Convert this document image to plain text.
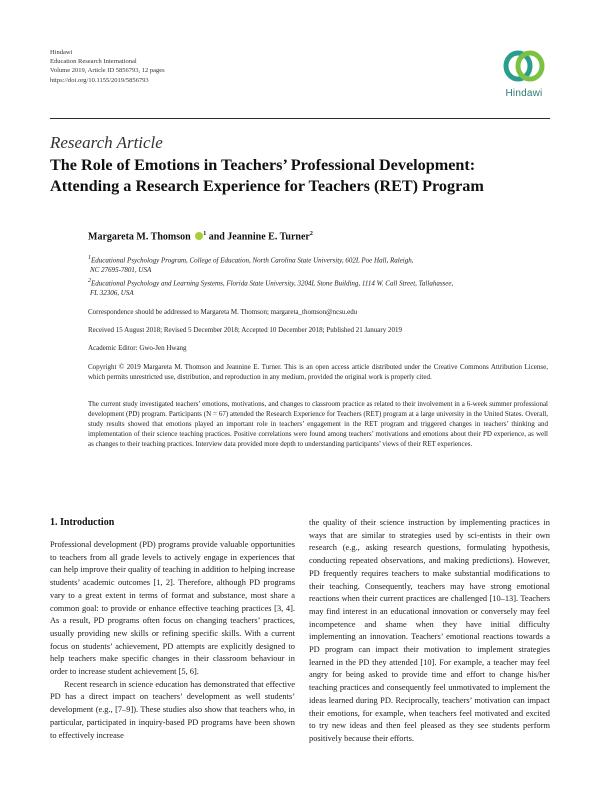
Hindawi
Education Research International
Volume 2019, Article ID 5856793, 12 pages
https://doi.org/10.1155/2019/5856793
Hindawi
Research Article
The Role of Emotions in Teachers’ Professional Development:
Attending a Research Experience for Teachers (RET) Program
Margareta M. Thomson $^1$ and Jeannine E. Turner$^2$
$^1$Educational Psychology Program, College of Education, North Carolina State University, 602L Poe Hall, Raleigh,
NC 27695-7801, USA
$^2$Educational Psychology and Learning Systems, Florida State University, 3204L Stone Building, 1114 W. Call Street, Tallahassee,
FL 32306, USA
Correspondence should be addressed to Margareta M. Thomson; margareta_thomson@ncsu.edu
Received 15 August 2018; Revised 5 December 2018; Accepted 10 December 2018; Published 21 January 2019
Academic Editor: Gwo-Jen Hwang
Copyright © 2019 Margareta M. Thomson and Jeannine E. Turner. This is an open access article distributed under the Creative Commons Attribution License, which permits unrestricted use, distribution, and reproduction in any medium, provided the original work is properly cited.
The current study investigated teachers’ emotions, motivations, and changes to classroom practice as related to their involvement in a 6-week summer professional development (PD) program. Participants (N = 67) attended the Research Experience for Teachers (RET) program at a large university in the United States. Overall, study results showed that emotions played an important role in teachers’ engagement in the RET program and triggered changes in teachers’ thinking and implementation of their science teaching practices. Positive correlations were found among teachers’ motivations and emotions about their PD experience, as well as changes to their teaching practices. Interview data provided more depth to understanding participants’ views of their RET experiences.

1. Introduction

Professional development (PD) programs provide valuable opportunities to teachers from all grade levels to actively engage in experiences that can help improve their quality of teaching in addition to helping increase students’ academic outcomes [1, 2]. Therefore, although PD programs vary to a great extent in terms of format and substance, most share a common goal: to provide or enhance effective teaching practices [3, 4]. As a result, PD programs often focus on changing teachers’ practices, usually providing new skills or refining specific skills. With a current focus on students’ achievement, PD attempts are explicitly designed to help teachers make specific changes in their classroom behaviour in order to increase student achievement [5, 6].

Recent research in science education has demonstrated that effective PD has a direct impact on teachers’ development as well students’ development (e.g., [7–9]). These studies also show that teachers who, in particular, participated in inquiry-based PD programs have been shown to effectively increase

the quality of their science instruction by implementing practices in ways that are similar to strategies used by sci-entists in their own research (e.g., asking research questions, formulating hypothesis, conducting repeated observations, and making predictions). However, PD frequently requires teachers to make substantial modifications to their teaching. Consequently, teachers may have strong emotional reactions when their current practices are challenged [10–13]. Teachers may find interest in an educational innovation or conversely may feel incompetence and shame when they have initial difficulty implementing an innovation. Teachers’ emotional reactions towards a PD program can impact their motivation to implement strategies learned in the PD they attended [10]. For example, a teacher may feel angry for being asked to provide time and effort to change his/her teaching practices and consequently feel unmotivated to implement the ideas learned during PD. Reciprocally, teachers’ motivation can impact their emotions, for example, when teachers feel motivated and excited to try new ideas and then feel pleased as they see students perform positively because their efforts.
